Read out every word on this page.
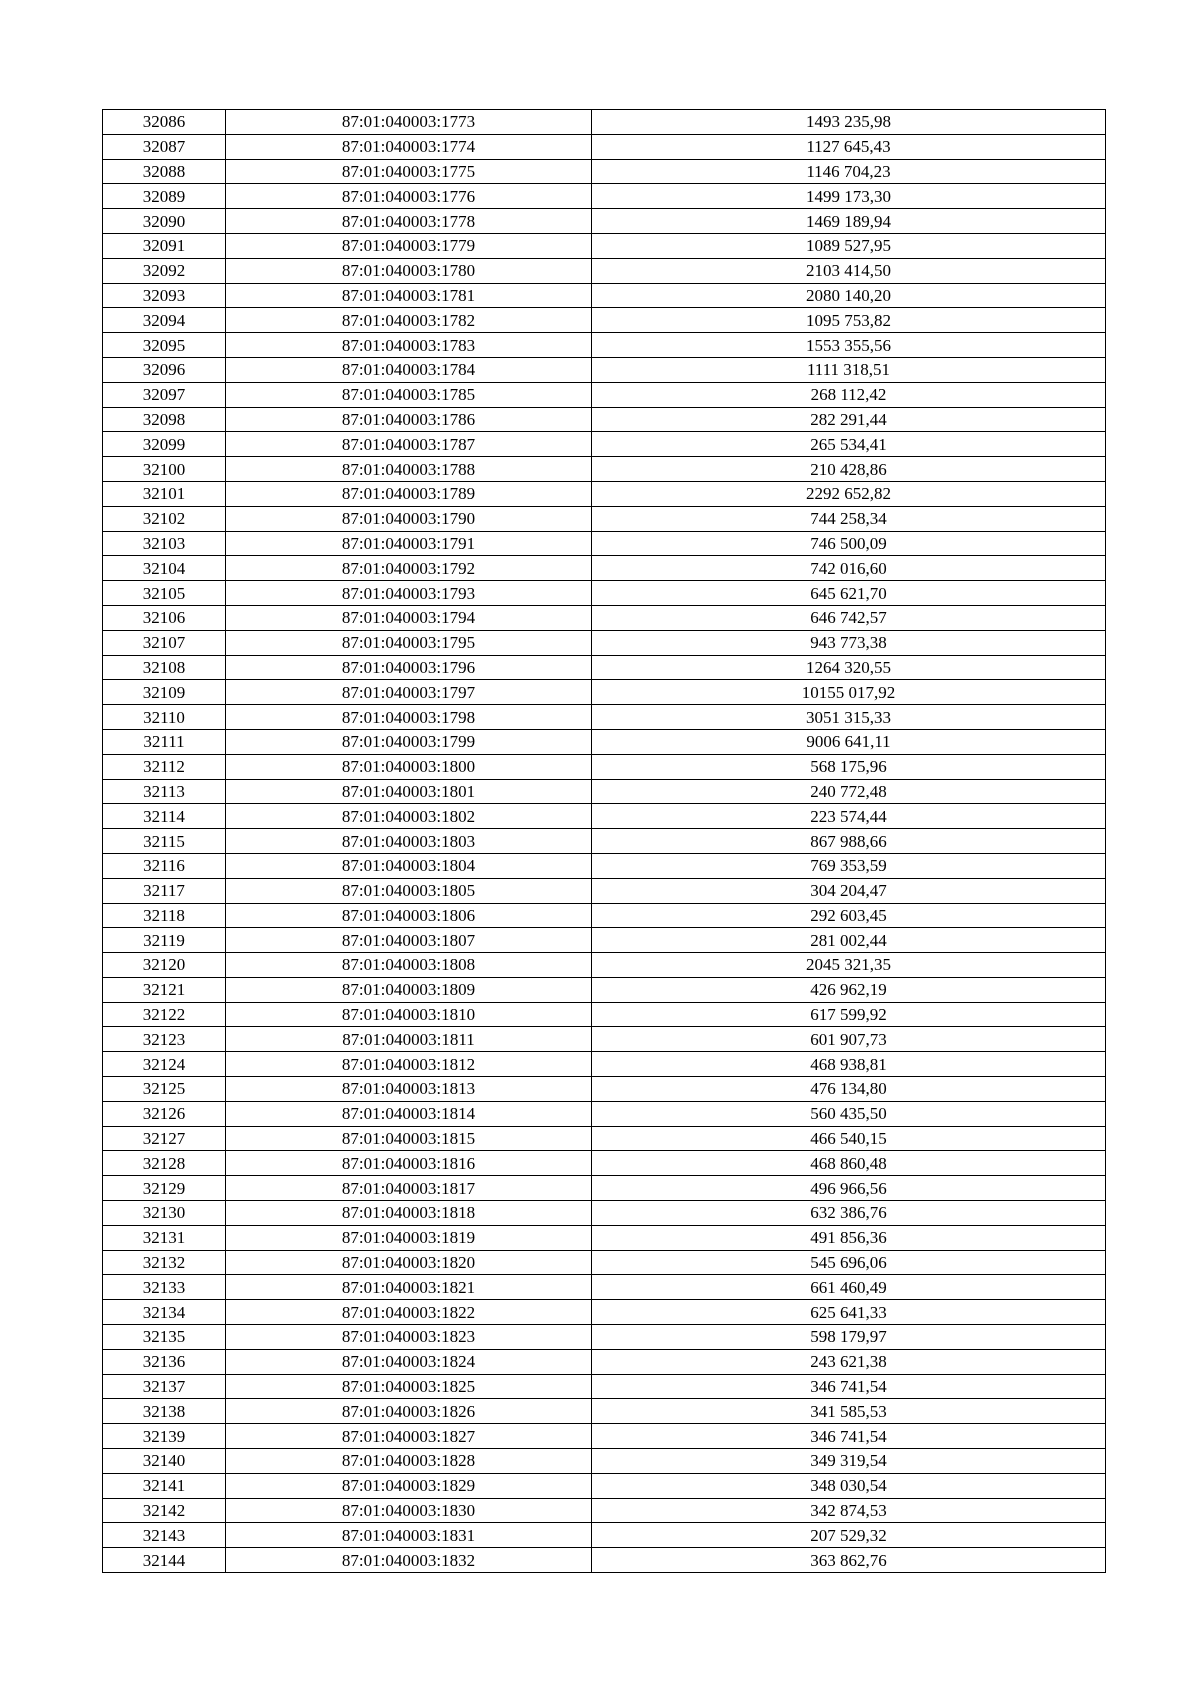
32086	87:01:040003:1773	1493 235,98
32087	87:01:040003:1774	1127 645,43
32088	87:01:040003:1775	1146 704,23
32089	87:01:040003:1776	1499 173,30
32090	87:01:040003:1778	1469 189,94
32091	87:01:040003:1779	1089 527,95
32092	87:01:040003:1780	2103 414,50
32093	87:01:040003:1781	2080 140,20
32094	87:01:040003:1782	1095 753,82
32095	87:01:040003:1783	1553 355,56
32096	87:01:040003:1784	1111 318,51
32097	87:01:040003:1785	268 112,42
32098	87:01:040003:1786	282 291,44
32099	87:01:040003:1787	265 534,41
32100	87:01:040003:1788	210 428,86
32101	87:01:040003:1789	2292 652,82
32102	87:01:040003:1790	744 258,34
32103	87:01:040003:1791	746 500,09
32104	87:01:040003:1792	742 016,60
32105	87:01:040003:1793	645 621,70
32106	87:01:040003:1794	646 742,57
32107	87:01:040003:1795	943 773,38
32108	87:01:040003:1796	1264 320,55
32109	87:01:040003:1797	10155 017,92
32110	87:01:040003:1798	3051 315,33
32111	87:01:040003:1799	9006 641,11
32112	87:01:040003:1800	568 175,96
32113	87:01:040003:1801	240 772,48
32114	87:01:040003:1802	223 574,44
32115	87:01:040003:1803	867 988,66
32116	87:01:040003:1804	769 353,59
32117	87:01:040003:1805	304 204,47
32118	87:01:040003:1806	292 603,45
32119	87:01:040003:1807	281 002,44
32120	87:01:040003:1808	2045 321,35
32121	87:01:040003:1809	426 962,19
32122	87:01:040003:1810	617 599,92
32123	87:01:040003:1811	601 907,73
32124	87:01:040003:1812	468 938,81
32125	87:01:040003:1813	476 134,80
32126	87:01:040003:1814	560 435,50
32127	87:01:040003:1815	466 540,15
32128	87:01:040003:1816	468 860,48
32129	87:01:040003:1817	496 966,56
32130	87:01:040003:1818	632 386,76
32131	87:01:040003:1819	491 856,36
32132	87:01:040003:1820	545 696,06
32133	87:01:040003:1821	661 460,49
32134	87:01:040003:1822	625 641,33
32135	87:01:040003:1823	598 179,97
32136	87:01:040003:1824	243 621,38
32137	87:01:040003:1825	346 741,54
32138	87:01:040003:1826	341 585,53
32139	87:01:040003:1827	346 741,54
32140	87:01:040003:1828	349 319,54
32141	87:01:040003:1829	348 030,54
32142	87:01:040003:1830	342 874,53
32143	87:01:040003:1831	207 529,32
32144	87:01:040003:1832	363 862,76
